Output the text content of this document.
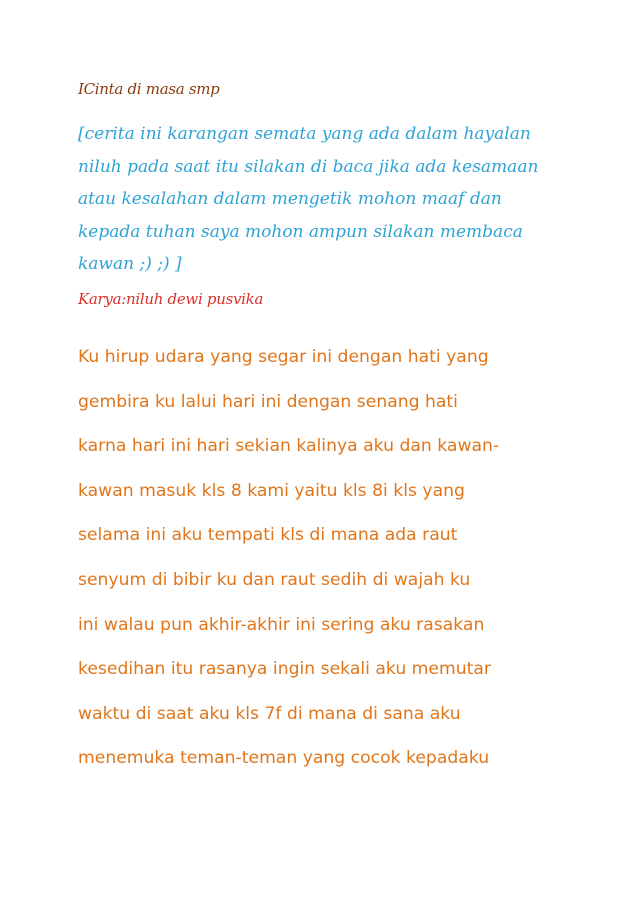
ICinta di masa smp
[cerita ini karangan semata yang ada dalam hayalan
niluh pada saat itu silakan di baca jika ada kesamaan
atau kesalahan dalam mengetik mohon maaf dan
kepada tuhan saya mohon ampun silakan membaca
kawan ;) ;) ]
Karya:niluh dewi pusvika
Ku hirup udara yang segar ini dengan hati yang
gembira ku lalui hari ini dengan senang hati
karna hari ini hari sekian kalinya aku dan kawan-
kawan masuk kls 8 kami yaitu kls 8i kls yang
selama ini aku tempati kls di mana ada raut
senyum di bibir ku dan raut sedih di wajah ku
ini walau pun akhir-akhir ini sering aku rasakan
kesedihan itu rasanya ingin sekali aku memutar
waktu di saat aku kls 7f di mana di sana aku
menemuka teman-teman yang cocok kepadaku
